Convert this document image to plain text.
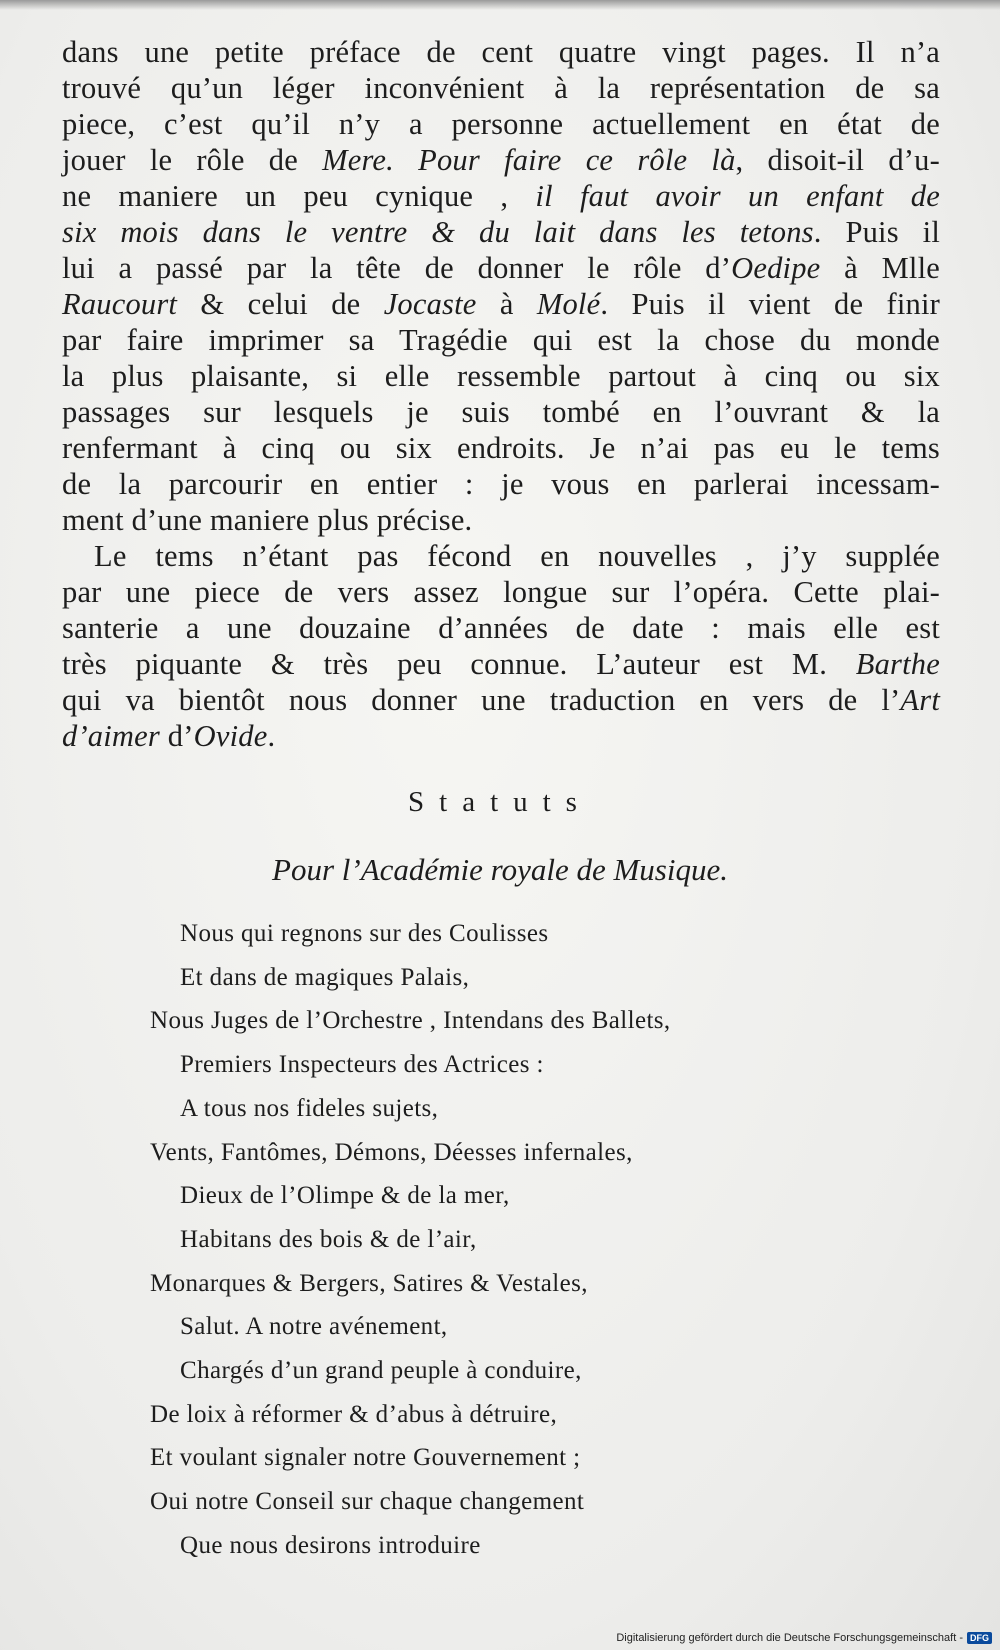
dans une petite préface de cent quatre vingt pages. Il n’a
trouvé qu’un léger inconvénient à la représentation de sa
piece, c’est qu’il n’y a personne actuellement en état de
jouer le rôle de Mere. Pour faire ce rôle là, disoit-il d’u-
ne maniere un peu cynique , il faut avoir un enfant de
six mois dans le ventre & du lait dans les tetons. Puis il
lui a passé par la tête de donner le rôle d’Oedipe à Mlle
Raucourt & celui de Jocaste à Molé. Puis il vient de finir
par faire imprimer sa Tragédie qui est la chose du monde
la plus plaisante, si elle ressemble partout à cinq ou six
passages sur lesquels je suis tombé en l’ouvrant & la
renfermant à cinq ou six endroits. Je n’ai pas eu le tems
de la parcourir en entier : je vous en parlerai incessam-
ment d’une maniere plus précise.

Le tems n’étant pas fécond en nouvelles , j’y supplée
par une piece de vers assez longue sur l’opéra. Cette plai-
santerie a une douzaine d’années de date : mais elle est
très piquante & très peu connue. L’auteur est M. Barthe
qui va bientôt nous donner une traduction en vers de l’Art
d’aimer d’Ovide.

Statuts
Pour l’Académie royale de Musique.
Nous qui regnons sur des Coulisses
Et dans de magiques Palais,
Nous Juges de l’Orchestre , Intendans des Ballets,
Premiers Inspecteurs des Actrices :
A tous nos fideles sujets,
Vents, Fantômes, Démons, Déesses infernales,
Dieux de l’Olimpe & de la mer,
Habitans des bois & de l’air,
Monarques & Bergers, Satires & Vestales,
Salut. A notre avénement,
Chargés d’un grand peuple à conduire,
De loix à réformer & d’abus à détruire,
Et voulant signaler notre Gouvernement ;
Oui notre Conseil sur chaque changement
Que nous desirons introduire
Digitalisierung gefördert durch die Deutsche Forschungsgemeinschaft - DFG
